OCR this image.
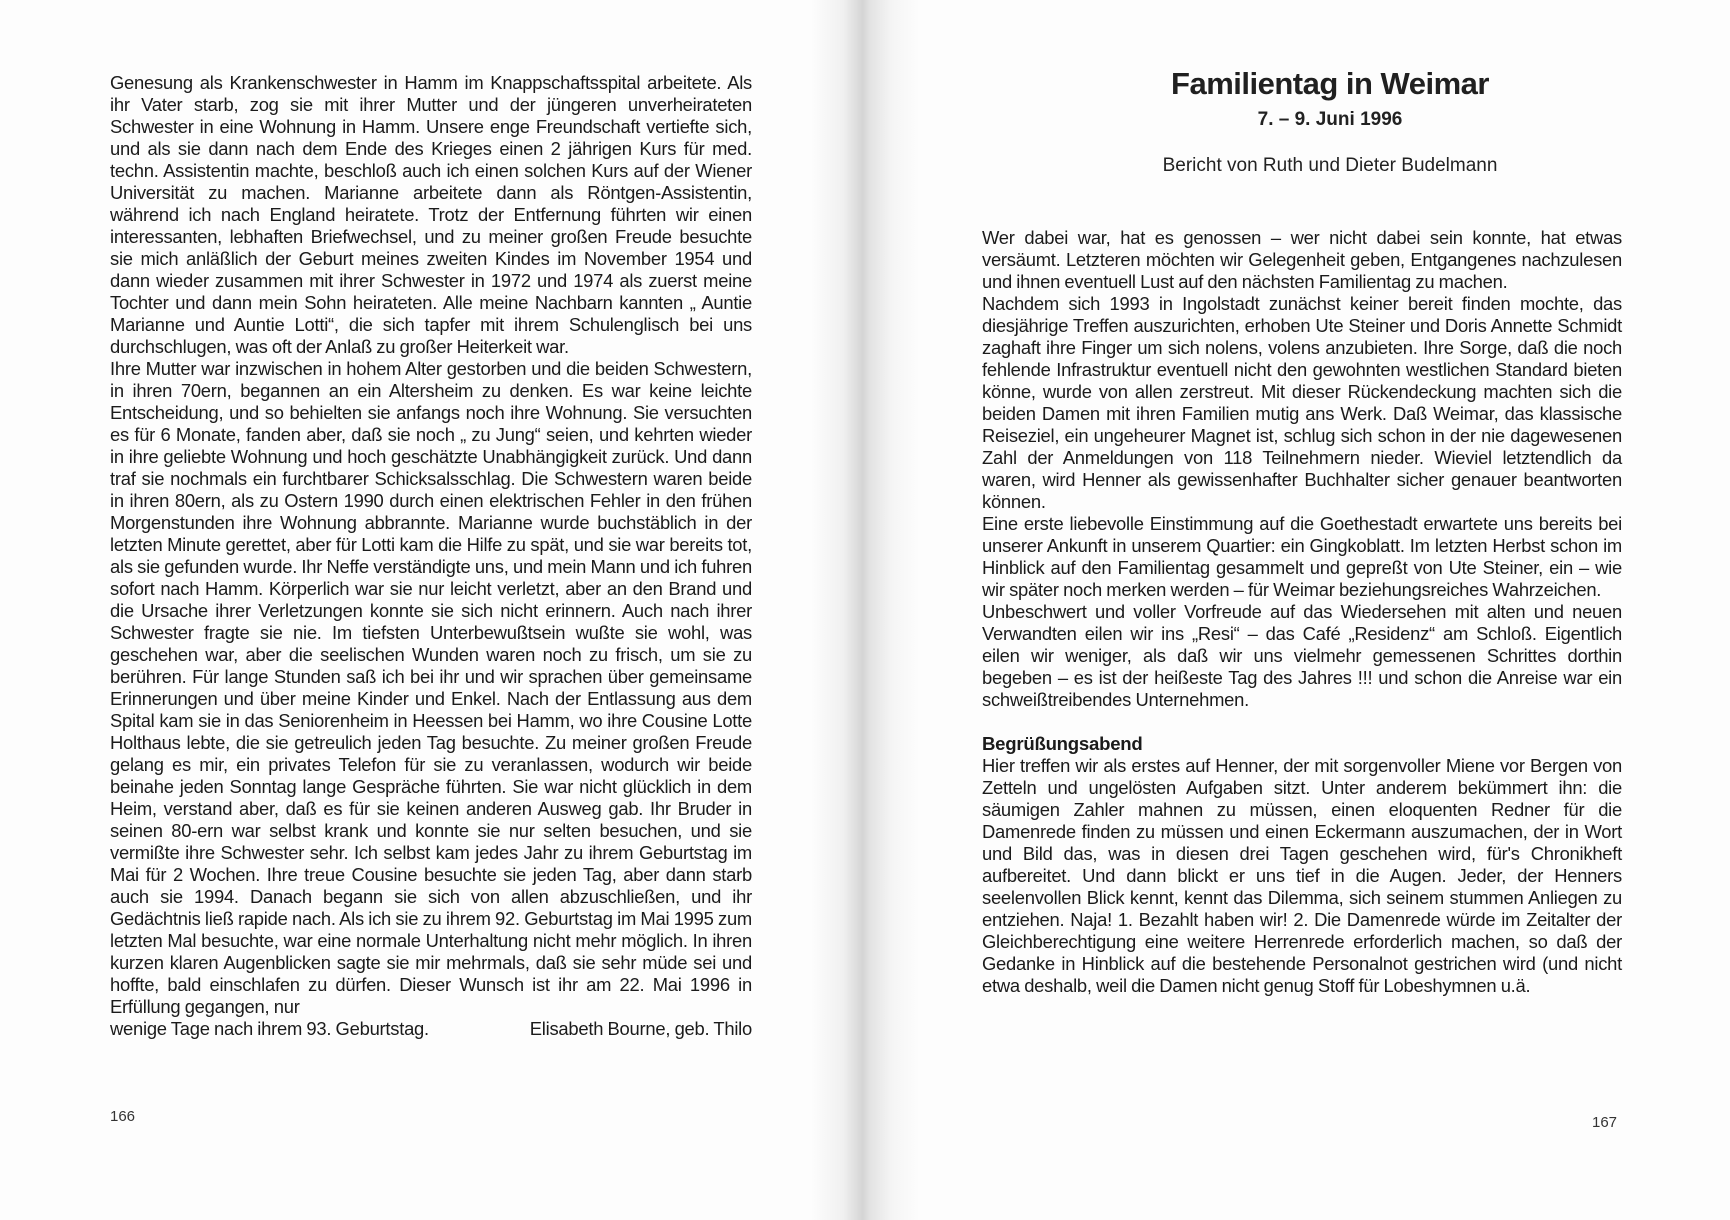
Genesung als Krankenschwester in Hamm im Knappschaftsspital arbeitete. Als ihr Vater starb, zog sie mit ihrer Mutter und der jüngeren unverheirateten Schwester in eine Wohnung in Hamm. Unsere enge Freundschaft vertiefte sich, und als sie dann nach dem Ende des Krieges einen 2 jährigen Kurs für med. techn. Assistentin machte, beschloß auch ich einen solchen Kurs auf der Wiener Universität zu machen. Marianne arbeitete dann als Röntgen-Assistentin, während ich nach England heiratete. Trotz der Entfernung führten wir einen interessanten, lebhaften Briefwechsel, und zu meiner großen Freude besuchte sie mich anläßlich der Geburt meines zweiten Kindes im November 1954 und dann wieder zusammen mit ihrer Schwester in 1972 und 1974 als zuerst meine Tochter und dann mein Sohn heirateten. Alle meine Nachbarn kannten „ Auntie Marianne und Auntie Lotti“, die sich tapfer mit ihrem Schulenglisch bei uns durchschlugen, was oft der Anlaß zu großer Heiterkeit war.

Ihre Mutter war inzwischen in hohem Alter gestorben und die beiden Schwestern, in ihren 70ern, begannen an ein Altersheim zu denken. Es war keine leichte Entscheidung, und so behielten sie anfangs noch ihre Wohnung. Sie versuchten es für 6 Monate, fanden aber, daß sie noch „ zu Jung“ seien, und kehrten wieder in ihre geliebte Wohnung und hoch geschätzte Unabhängigkeit zurück. Und dann traf sie nochmals ein furchtbarer Schicksalsschlag. Die Schwestern waren beide in ihren 80ern, als zu Ostern 1990 durch einen elektrischen Fehler in den frühen Morgenstunden ihre Wohnung abbrannte. Marianne wurde buchstäblich in der letzten Minute gerettet, aber für Lotti kam die Hilfe zu spät, und sie war bereits tot, als sie gefunden wurde. Ihr Neffe verständigte uns, und mein Mann und ich fuhren sofort nach Hamm. Körperlich war sie nur leicht verletzt, aber an den Brand und die Ursache ihrer Verletzungen konnte sie sich nicht erinnern. Auch nach ihrer Schwester fragte sie nie. Im tiefsten Unterbewußtsein wußte sie wohl, was geschehen war, aber die seelischen Wunden waren noch zu frisch, um sie zu berühren. Für lange Stunden saß ich bei ihr und wir sprachen über gemeinsame Erinnerungen und über meine Kinder und Enkel. Nach der Entlassung aus dem Spital kam sie in das Seniorenheim in Heessen bei Hamm, wo ihre Cousine Lotte Holthaus lebte, die sie getreulich jeden Tag besuchte. Zu meiner großen Freude gelang es mir, ein privates Telefon für sie zu veranlassen, wodurch wir beide beinahe jeden Sonntag lange Gespräche führten. Sie war nicht glücklich in dem Heim, verstand aber, daß es für sie keinen anderen Ausweg gab. Ihr Bruder in seinen 80-ern war selbst krank und konnte sie nur selten besuchen, und sie vermißte ihre Schwester sehr. Ich selbst kam jedes Jahr zu ihrem Geburtstag im Mai für 2 Wochen. Ihre treue Cousine besuchte sie jeden Tag, aber dann starb auch sie 1994. Danach begann sie sich von allen abzuschließen, und ihr Gedächtnis ließ rapide nach. Als ich sie zu ihrem 92. Geburtstag im Mai 1995 zum letzten Mal besuchte, war eine normale Unterhaltung nicht mehr möglich. In ihren kurzen klaren Augenblicken sagte sie mir mehrmals, daß sie sehr müde sei und hoffte, bald einschlafen zu dürfen. Dieser Wunsch ist ihr am 22. Mai 1996 in Erfüllung gegangen, nur

wenige Tage nach ihrem 93. Geburtstag.	Elisabeth Bourne, geb. Thilo

166
Familientag in Weimar
7. – 9. Juni 1996
Bericht von Ruth und Dieter Budelmann

Wer dabei war, hat es genossen – wer nicht dabei sein konnte, hat etwas versäumt. Letzteren möchten wir Gelegenheit geben, Entgangenes nachzulesen und ihnen eventuell Lust auf den nächsten Familientag zu machen.

Nachdem sich 1993 in Ingolstadt zunächst keiner bereit finden mochte, das diesjährige Treffen auszurichten, erhoben Ute Steiner und Doris Annette Schmidt zaghaft ihre Finger um sich nolens, volens anzubieten. Ihre Sorge, daß die noch fehlende Infrastruktur eventuell nicht den gewohnten westlichen Standard bieten könne, wurde von allen zerstreut. Mit dieser Rückendeckung machten sich die beiden Damen mit ihren Familien mutig ans Werk. Daß Weimar, das klassische Reiseziel, ein ungeheurer Magnet ist, schlug sich schon in der nie dagewesenen Zahl der Anmeldungen von 118 Teilnehmern nieder. Wieviel letztendlich da waren, wird Henner als gewissenhafter Buchhalter sicher genauer beantworten können.

Eine erste liebevolle Einstimmung auf die Goethestadt erwartete uns bereits bei unserer Ankunft in unserem Quartier: ein Gingkoblatt. Im letzten Herbst schon im Hinblick auf den Familientag gesammelt und gepreßt von Ute Steiner, ein – wie wir später noch merken werden – für Weimar beziehungsreiches Wahrzeichen.

Unbeschwert und voller Vorfreude auf das Wiedersehen mit alten und neuen Verwandten eilen wir ins „Resi“ – das Café „Residenz“ am Schloß. Eigentlich eilen wir weniger, als daß wir uns vielmehr gemessenen Schrittes dorthin begeben – es ist der heißeste Tag des Jahres !!! und schon die Anreise war ein schweißtreibendes Unternehmen.

Begrüßungsabend

Hier treffen wir als erstes auf Henner, der mit sorgenvoller Miene vor Bergen von Zetteln und ungelösten Aufgaben sitzt. Unter anderem bekümmert ihn: die säumigen Zahler mahnen zu müssen, einen eloquenten Redner für die Damenrede finden zu müssen und einen Eckermann auszumachen, der in Wort und Bild das, was in diesen drei Tagen geschehen wird, für's Chronikheft aufbereitet. Und dann blickt er uns tief in die Augen. Jeder, der Henners seelenvollen Blick kennt, kennt das Dilemma, sich seinem stummen Anliegen zu entziehen. Naja! 1. Bezahlt haben wir! 2. Die Damenrede würde im Zeitalter der Gleichberechtigung eine weitere Herrenrede erforderlich machen, so daß der Gedanke in Hinblick auf die bestehende Personalnot gestrichen wird (und nicht etwa deshalb, weil die Damen nicht genug Stoff für Lobeshymnen u.ä.

167
